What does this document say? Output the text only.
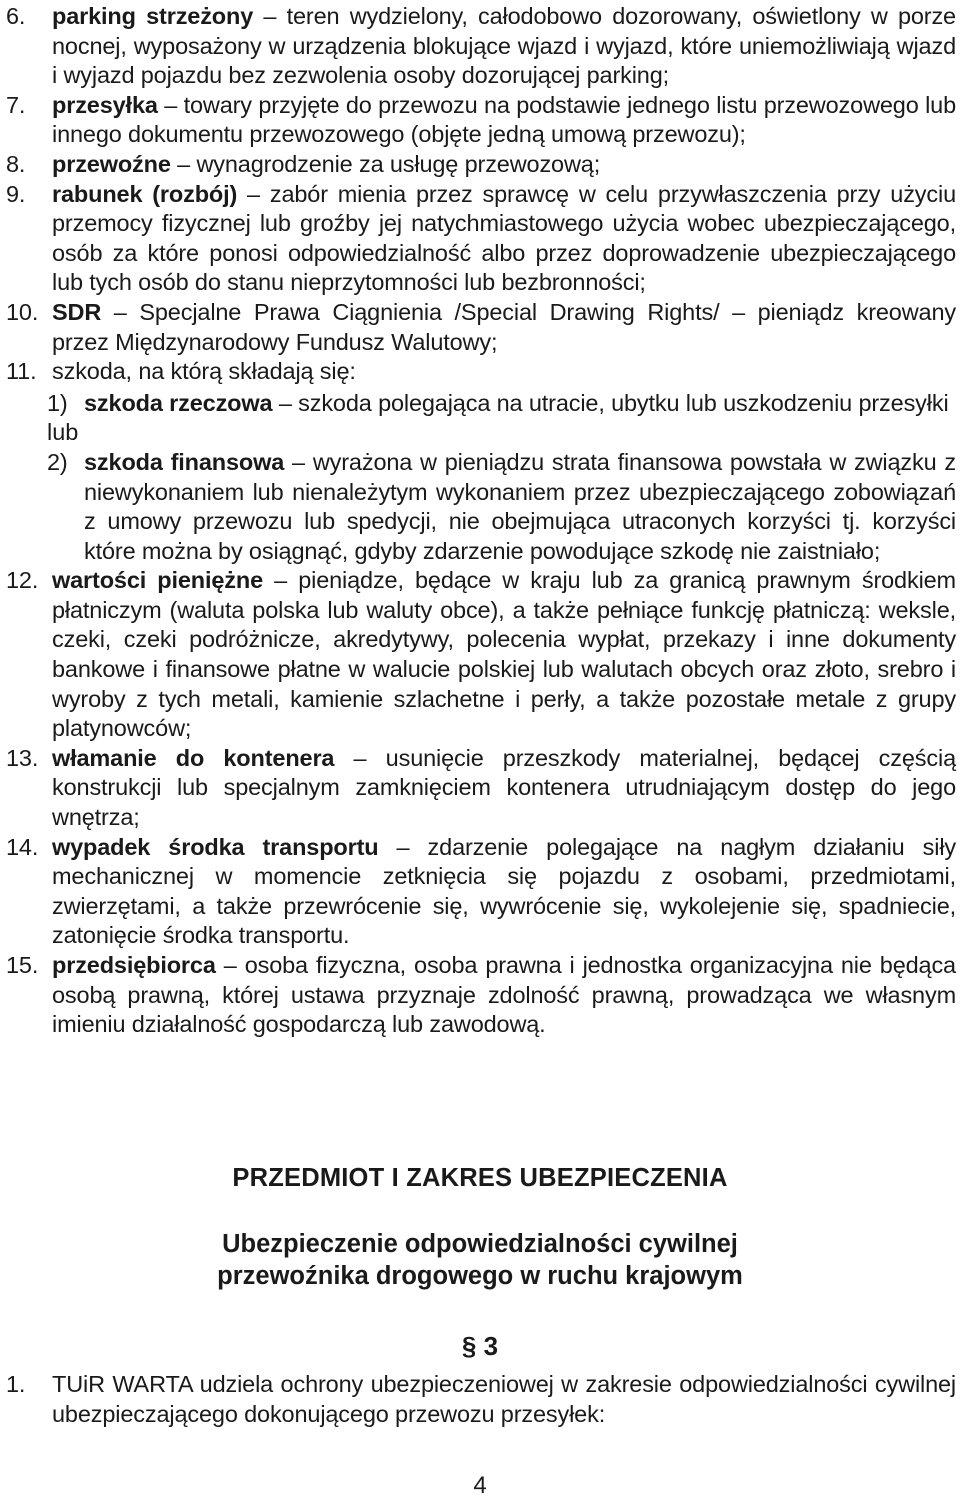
6. parking strzeżony – teren wydzielony, całodobowo dozorowany, oświetlony w porze nocnej, wyposażony w urządzenia blokujące wjazd i wyjazd, które uniemożliwiają wjazd i wyjazd pojazdu bez zezwolenia osoby dozorującej parking;
7. przesyłka – towary przyjęte do przewozu na podstawie jednego listu przewozowego lub innego dokumentu przewozowego (objęte jedną umową przewozu);
8. przewoźne – wynagrodzenie za usługę przewozową;
9. rabunek (rozbój) – zabór mienia przez sprawcę w celu przywłaszczenia przy użyciu przemocy fizycznej lub groźby jej natychmiastowego użycia wobec ubezpieczającego, osób za które ponosi odpowiedzialność albo przez doprowadzenie ubezpieczającego lub tych osób do stanu nieprzytomności lub bezbronności;
10. SDR – Specjalne Prawa Ciągnienia /Special Drawing Rights/ – pieniądz kreowany przez Międzynarodowy Fundusz Walutowy;
11. szkoda, na którą składają się:
1) szkoda rzeczowa – szkoda polegająca na utracie, ubytku lub uszkodzeniu przesyłki
lub
2) szkoda finansowa – wyrażona w pieniądzu strata finansowa powstała w związku z niewykonaniem lub nienależytym wykonaniem przez ubezpieczającego zobowiązań z umowy przewozu lub spedycji, nie obejmująca utraconych korzyści tj. korzyści które można by osiągnąć, gdyby zdarzenie powodujące szkodę nie zaistniało;
12. wartości pieniężne – pieniądze, będące w kraju lub za granicą prawnym środkiem płatniczym (waluta polska lub waluty obce), a także pełniące funkcję płatniczą: weksle, czeki, czeki podróżnicze, akredytywy, polecenia wypłat, przekazy i inne dokumenty bankowe i finansowe płatne w walucie polskiej lub walutach obcych oraz złoto, srebro i wyroby z tych metali, kamienie szlachetne i perły, a także pozostałe metale z grupy platynowców;
13. włamanie do kontenera – usunięcie przeszkody materialnej, będącej częścią konstrukcji lub specjalnym zamknięciem kontenera utrudniającym dostęp do jego wnętrza;
14. wypadek środka transportu – zdarzenie polegające na nagłym działaniu siły mechanicznej w momencie zetknięcia się pojazdu z osobami, przedmiotami, zwierzętami, a także przewrócenie się, wywrócenie się, wykolejenie się, spadniecie, zatonięcie środka transportu.
15. przedsiębiorca – osoba fizyczna, osoba prawna i jednostka organizacyjna nie będąca osobą prawną, której ustawa przyznaje zdolność prawną, prowadząca we własnym imieniu działalność gospodarczą lub zawodową.
PRZEDMIOT I ZAKRES UBEZPIECZENIA
Ubezpieczenie odpowiedzialności cywilnej
przewoźnika drogowego w ruchu krajowym
§ 3
1. TUiR WARTA udziela ochrony ubezpieczeniowej w zakresie odpowiedzialności cywilnej ubezpieczającego dokonującego przewozu przesyłek:
4
